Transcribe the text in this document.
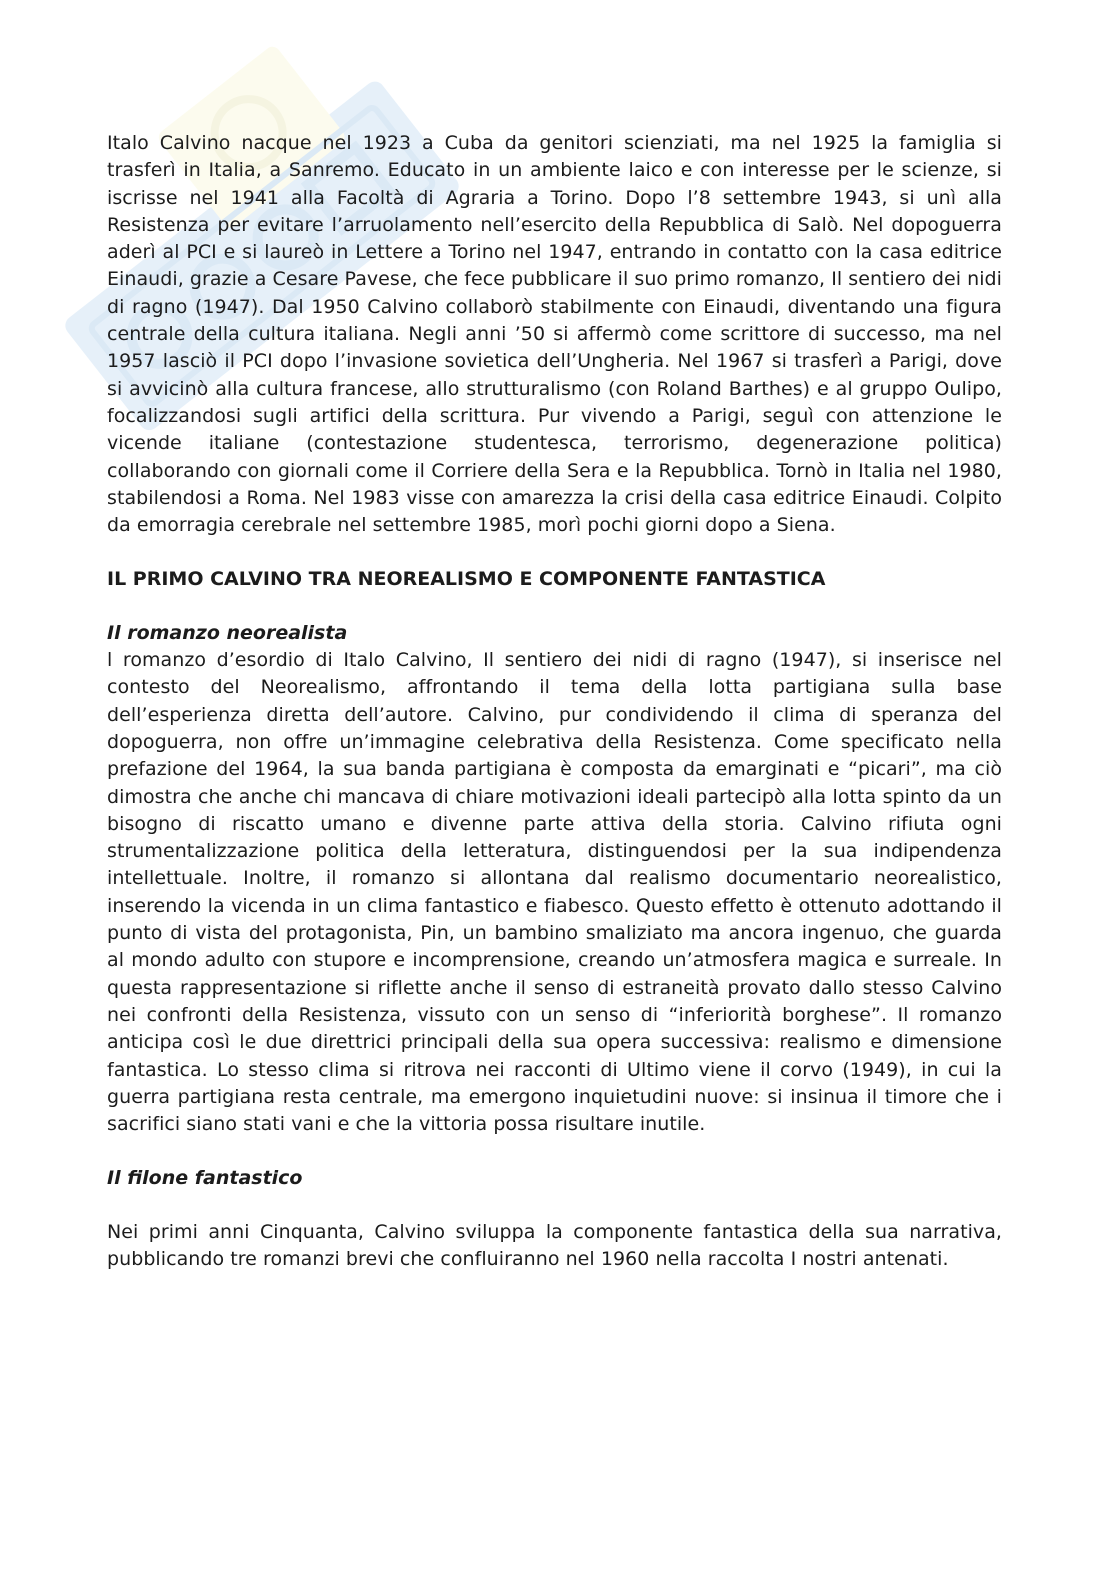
Italo Calvino nacque nel 1923 a Cuba da genitori scienziati, ma nel 1925 la famiglia si trasferì in Italia, a Sanremo. Educato in un ambiente laico e con interesse per le scienze, si iscrisse nel 1941 alla Facoltà di Agraria a Torino. Dopo l’8 settembre 1943, si unì alla Resistenza per evitare l’arruolamento nell’esercito della Repubblica di Salò. Nel dopoguerra aderì al PCI e si laureò in Lettere a Torino nel 1947, entrando in contatto con la casa editrice Einaudi, grazie a Cesare Pavese, che fece pubblicare il suo primo romanzo, Il sentiero dei nidi di ragno (1947). Dal 1950 Calvino collaborò stabilmente con Einaudi, diventando una figura centrale della cultura italiana. Negli anni ’50 si affermò come scrittore di successo, ma nel 1957 lasciò il PCI dopo l’invasione sovietica dell’Ungheria. Nel 1967 si trasferì a Parigi, dove si avvicinò alla cultura francese, allo strutturalismo (con Roland Barthes) e al gruppo Oulipo, focalizzandosi sugli artifici della scrittura. Pur vivendo a Parigi, seguì con attenzione le vicende italiane (contestazione studentesca, terrorismo, degenerazione politica) collaborando con giornali come il Corriere della Sera e la Repubblica. Tornò in Italia nel 1980, stabilendosi a Roma. Nel 1983 visse con amarezza la crisi della casa editrice Einaudi. Colpito da emorragia cerebrale nel settembre 1985, morì pochi giorni dopo a Siena.

IL PRIMO CALVINO TRA NEOREALISMO E COMPONENTE FANTASTICA
Il romanzo neorealista

l romanzo d’esordio di Italo Calvino, Il sentiero dei nidi di ragno (1947), si inserisce nel contesto del Neorealismo, affrontando il tema della lotta partigiana sulla base dell’esperienza diretta dell’autore. Calvino, pur condividendo il clima di speranza del dopoguerra, non offre un’immagine celebrativa della Resistenza. Come specificato nella prefazione del 1964, la sua banda partigiana è composta da emarginati e “picari”, ma ciò dimostra che anche chi mancava di chiare motivazioni ideali partecipò alla lotta spinto da un bisogno di riscatto umano e divenne parte attiva della storia. Calvino rifiuta ogni strumentalizzazione politica della letteratura, distinguendosi per la sua indipendenza intellettuale. Inoltre, il romanzo si allontana dal realismo documentario neorealistico, inserendo la vicenda in un clima fantastico e fiabesco. Questo effetto è ottenuto adottando il punto di vista del protagonista, Pin, un bambino smaliziato ma ancora ingenuo, che guarda al mondo adulto con stupore e incomprensione, creando un’atmosfera magica e surreale. In questa rappresentazione si riflette anche il senso di estraneità provato dallo stesso Calvino nei confronti della Resistenza, vissuto con un senso di “inferiorità borghese”. Il romanzo anticipa così le due direttrici principali della sua opera successiva: realismo e dimensione fantastica. Lo stesso clima si ritrova nei racconti di Ultimo viene il corvo (1949), in cui la guerra partigiana resta centrale, ma emergono inquietudini nuove: si insinua il timore che i sacrifici siano stati vani e che la vittoria possa risultare inutile.

Il filone fantastico

Nei primi anni Cinquanta, Calvino sviluppa la componente fantastica della sua narrativa, pubblicando tre romanzi brevi che confluiranno nel 1960 nella raccolta I nostri antenati.
